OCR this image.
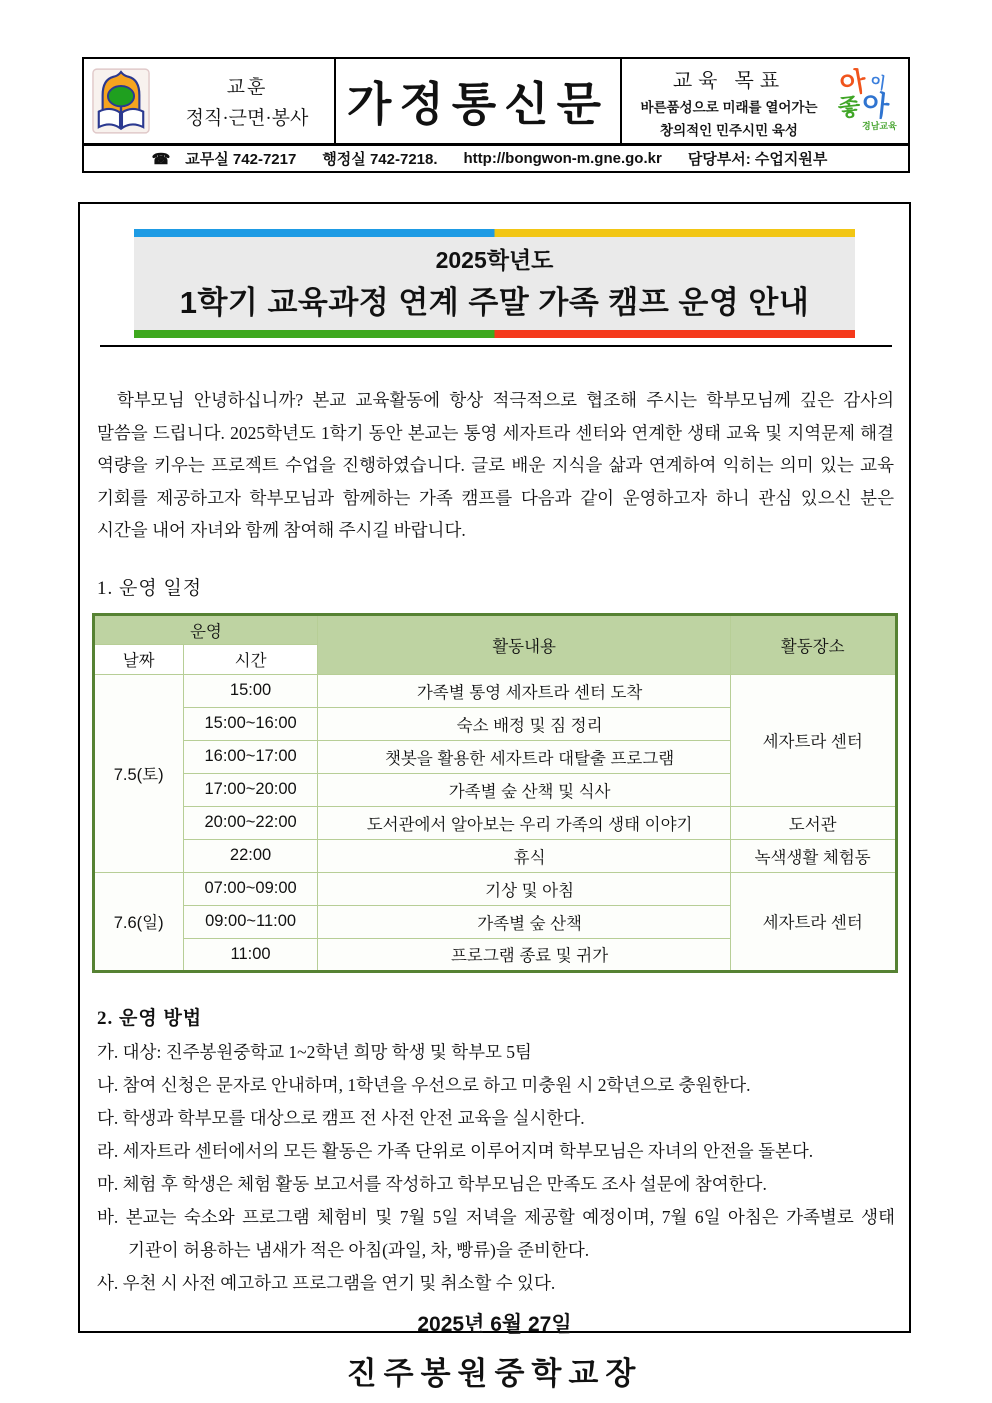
교훈
정직·근면·봉사 가정통신문	교육 목표
바른품성으로 미래를 열어가는
창의적인 민주시민 육성
아 이
좋 아
경남교육
☎ 교무실 742-7217 행정실 742-7218. http://bongwon-m.gne.go.kr 담당부서: 수업지원부
2025학년도
1학기 교육과정 연계 주말 가족 캠프 운영 안내

학부모님 안녕하십니까? 본교 교육활동에 항상 적극적으로 협조해 주시는 학부모님께 깊은 감사의 말씀을 드립니다. 2025학년도 1학기 동안 본교는 통영 세자트라 센터와 연계한 생태 교육 및 지역문제 해결 역량을 키우는 프로젝트 수업을 진행하였습니다. 글로 배운 지식을 삶과 연계하여 익히는 의미 있는 교육 기회를 제공하고자 학부모님과 함께하는 가족 캠프를 다음과 같이 운영하고자 하니 관심 있으신 분은 시간을 내어 자녀와 함께 참여해 주시길 바랍니다.

1. 운영 일정
운영		활동내용	활동장소
날짜	시간		
7.5(토)	15:00	가족별 통영 세자트라 센터 도착	세자트라 센터
	15:00~16:00	숙소 배정 및 짐 정리	
	16:00~17:00	챗봇을 활용한 세자트라 대탈출 프로그램	
	17:00~20:00	가족별 숲 산책 및 식사	
	20:00~22:00	도서관에서 알아보는 우리 가족의 생태 이야기	도서관
	22:00	휴식	녹색생활 체험동
7.6(일)	07:00~09:00	기상 및 아침	세자트라 센터
	09:00~11:00	가족별 숲 산책	
	11:00	프로그램 종료 및 귀가	
2. 운영 방법
가. 대상: 진주봉원중학교 1~2학년 희망 학생 및 학부모 5팀
나. 참여 신청은 문자로 안내하며, 1학년을 우선으로 하고 미충원 시 2학년으로 충원한다.
다. 학생과 학부모를 대상으로 캠프 전 사전 안전 교육을 실시한다.
라. 세자트라 센터에서의 모든 활동은 가족 단위로 이루어지며 학부모님은 자녀의 안전을 돌본다.
마. 체험 후 학생은 체험 활동 보고서를 작성하고 학부모님은 만족도 조사 설문에 참여한다.
바. 본교는 숙소와 프로그램 체험비 및 7월 5일 저녁을 제공할 예정이며, 7월 6일 아침은 가족별로 생태 기관이 허용하는 냄새가 적은 아침(과일, 차, 빵류)을 준비한다.
사. 우천 시 사전 예고하고 프로그램을 연기 및 취소할 수 있다.
2025년 6월 27일
진주봉원중학교장
